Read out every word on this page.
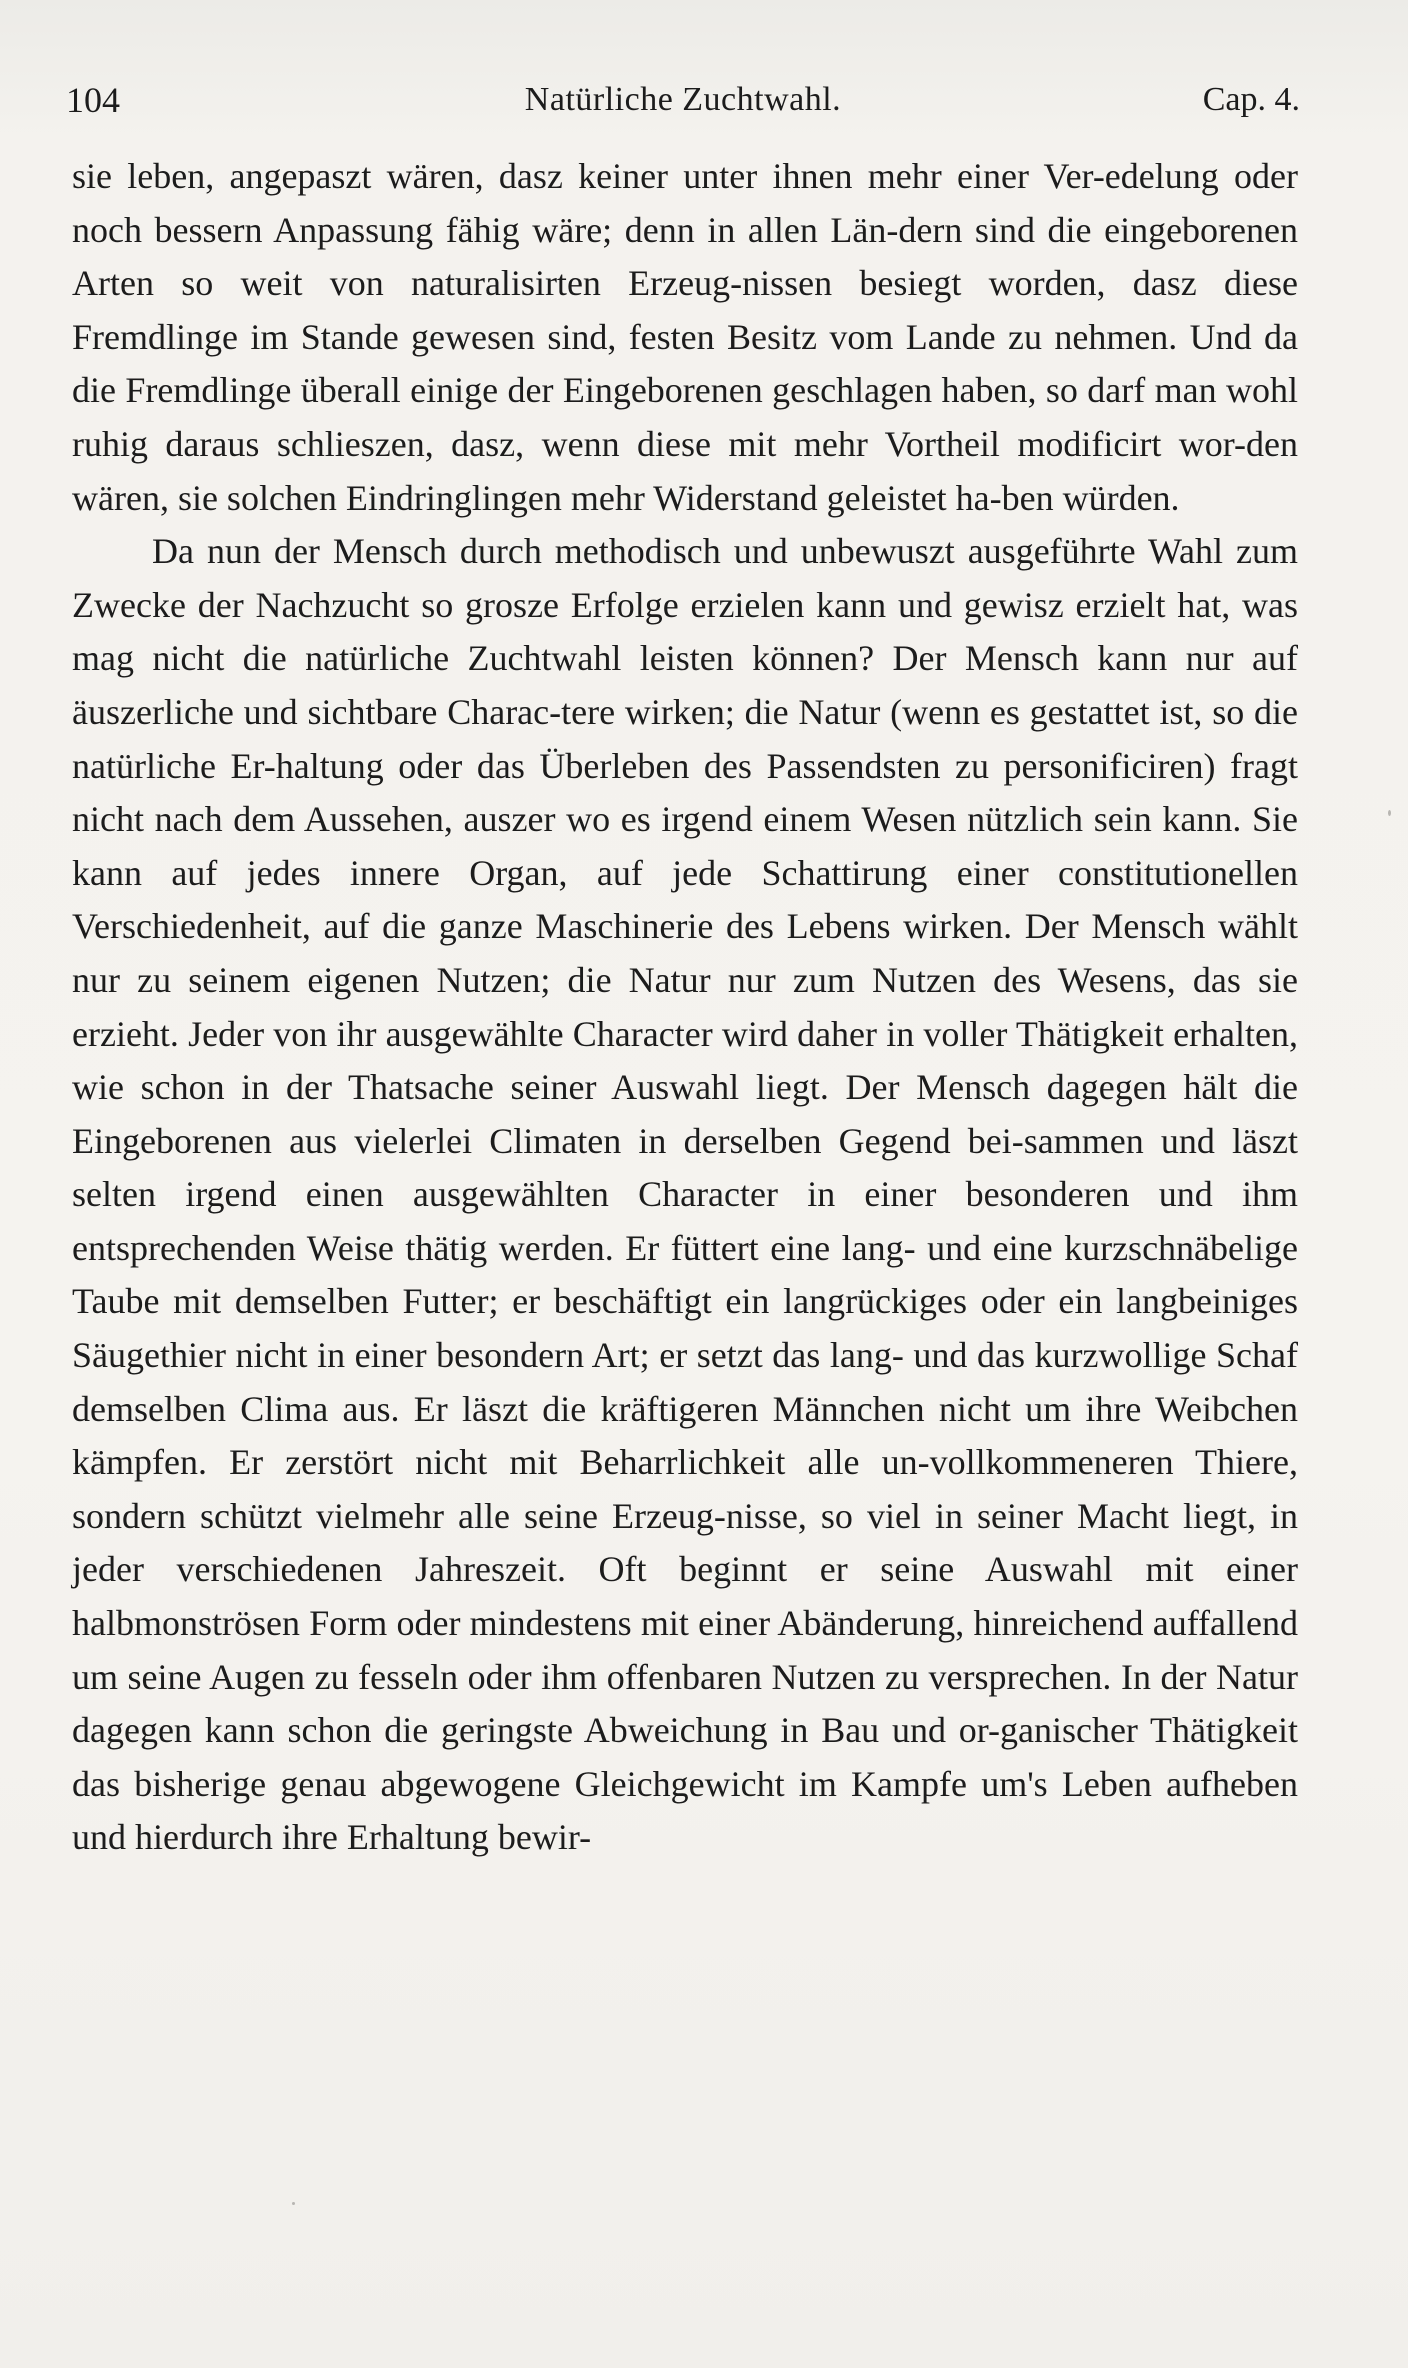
104	Natürliche Zuchtwahl.	Cap. 4.

sie leben, angepaszt wären, dasz keiner unter ihnen mehr einer Ver-edelung oder noch bessern Anpassung fähig wäre; denn in allen Län-dern sind die eingeborenen Arten so weit von naturalisirten Erzeug-nissen besiegt worden, dasz diese Fremdlinge im Stande gewesen sind, festen Besitz vom Lande zu nehmen. Und da die Fremdlinge überall einige der Eingeborenen geschlagen haben, so darf man wohl ruhig daraus schlieszen, dasz, wenn diese mit mehr Vortheil modificirt wor-den wären, sie solchen Eindringlingen mehr Widerstand geleistet ha-ben würden.

Da nun der Mensch durch methodisch und unbewuszt ausgeführte Wahl zum Zwecke der Nachzucht so grosze Erfolge erzielen kann und gewisz erzielt hat, was mag nicht die natürliche Zuchtwahl leisten können? Der Mensch kann nur auf äuszerliche und sichtbare Charac-tere wirken; die Natur (wenn es gestattet ist, so die natürliche Er-haltung oder das Überleben des Passendsten zu personificiren) fragt nicht nach dem Aussehen, auszer wo es irgend einem Wesen nützlich sein kann. Sie kann auf jedes innere Organ, auf jede Schattirung einer constitutionellen Verschiedenheit, auf die ganze Maschinerie des Lebens wirken. Der Mensch wählt nur zu seinem eigenen Nutzen; die Natur nur zum Nutzen des Wesens, das sie erzieht. Jeder von ihr ausgewählte Character wird daher in voller Thätigkeit erhalten, wie schon in der Thatsache seiner Auswahl liegt. Der Mensch dagegen hält die Eingeborenen aus vielerlei Climaten in derselben Gegend bei-sammen und läszt selten irgend einen ausgewählten Character in einer besonderen und ihm entsprechenden Weise thätig werden. Er füttert eine lang- und eine kurzschnäbelige Taube mit demselben Futter; er beschäftigt ein langrückiges oder ein langbeiniges Säugethier nicht in einer besondern Art; er setzt das lang- und das kurzwollige Schaf demselben Clima aus. Er läszt die kräftigeren Männchen nicht um ihre Weibchen kämpfen. Er zerstört nicht mit Beharrlichkeit alle un-vollkommeneren Thiere, sondern schützt vielmehr alle seine Erzeug-nisse, so viel in seiner Macht liegt, in jeder verschiedenen Jahreszeit. Oft beginnt er seine Auswahl mit einer halbmonströsen Form oder mindestens mit einer Abänderung, hinreichend auffallend um seine Augen zu fesseln oder ihm offenbaren Nutzen zu versprechen. In der Natur dagegen kann schon die geringste Abweichung in Bau und or-ganischer Thätigkeit das bisherige genau abgewogene Gleichgewicht im Kampfe um's Leben aufheben und hierdurch ihre Erhaltung bewir-
